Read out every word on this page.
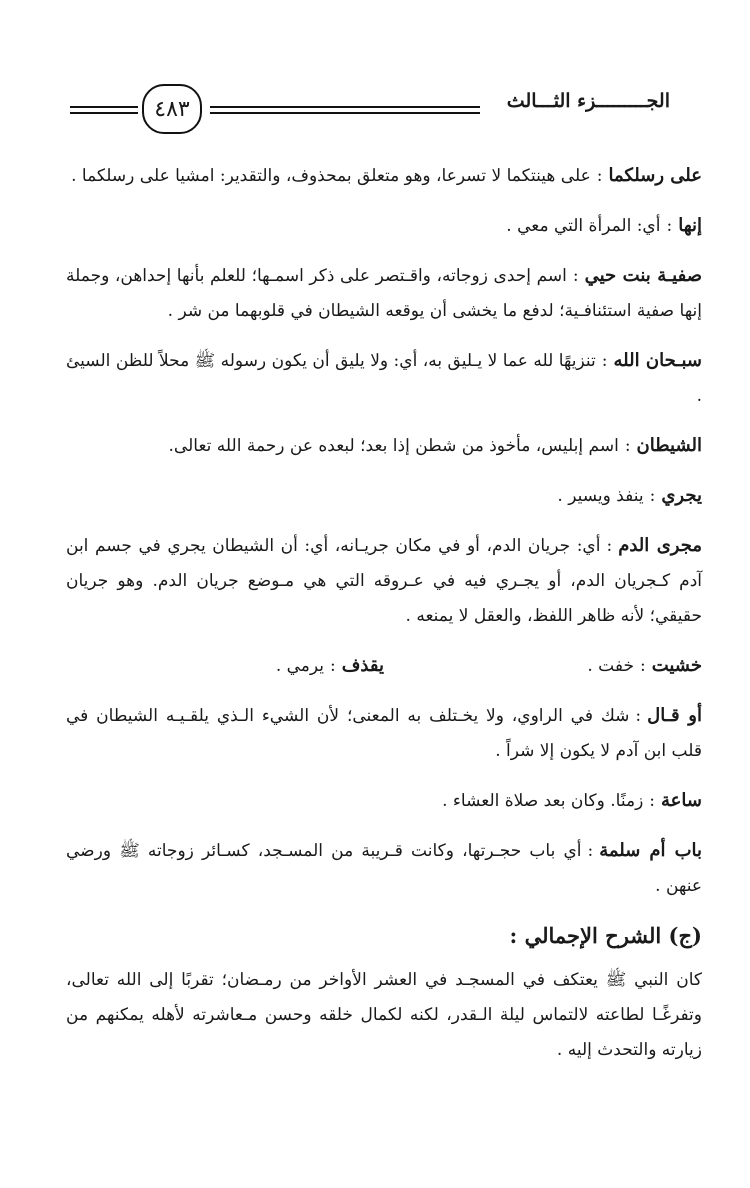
٤٨٣	الجـــــــــزء الثـــالث

على رسلكما:على هينتكما لا تسرعا، وهو متعلق بمحذوف، والتقدير: امشيا على رسلكما .

إنها:أي: المرأة التي معي .

صفيـة بنت حيي:اسم إحدى زوجاته، واقـتصر على ذكر اسمـها؛ للعلم بأنها إحداهن، وجملة إنها صفية استئنافـية؛ لدفع ما يخشى أن يوقعه الشيطان في قلوبهما من شر .

سبـحان الله:تنزيهًا لله عما لا يـليق به، أي: ولا يليق أن يكون رسوله ﷺ محلاً للظن السيئ .

الشيطان:اسم إبليس، مأخوذ من شطن إذا بعد؛ لبعده عن رحمة الله تعالى.

يجري:ينفذ ويسير .

مجرى الدم:أي: جريان الدم، أو في مكان جريـانه، أي: أن الشيطان يجري في جسم ابن آدم كـجريان الدم، أو يجـري فيه في عـروقه التي هي مـوضع جريان الدم. وهو جريان حقيقي؛ لأنه ظاهر اللفظ، والعقل لا يمنعه .

خشيت:خفت .
يقذف:يرمي .

أو قـال:شك في الراوي، ولا يخـتلف به المعنى؛ لأن الشيء الـذي يلقـيـه الشيطان في قلب ابن آدم لا يكون إلا شراً .

ساعة:زمنًا. وكان بعد صلاة العشاء .

باب أم سلمة:أي باب حجـرتها، وكانت قـريبة من المسـجد، كسـائر زوجاته ﷺ ورضي عنهن .

(ج) الشرح الإجمالي :

كان النبي ﷺ يعتكف في المسجـد في العشر الأواخر من رمـضان؛ تقربًا إلى الله تعالى، وتفرغًـا لطاعته لالتماس ليلة الـقدر، لكنه لكمال خلقه وحسن مـعاشرته لأهله يمكنهم من زيارته والتحدث إليه .
